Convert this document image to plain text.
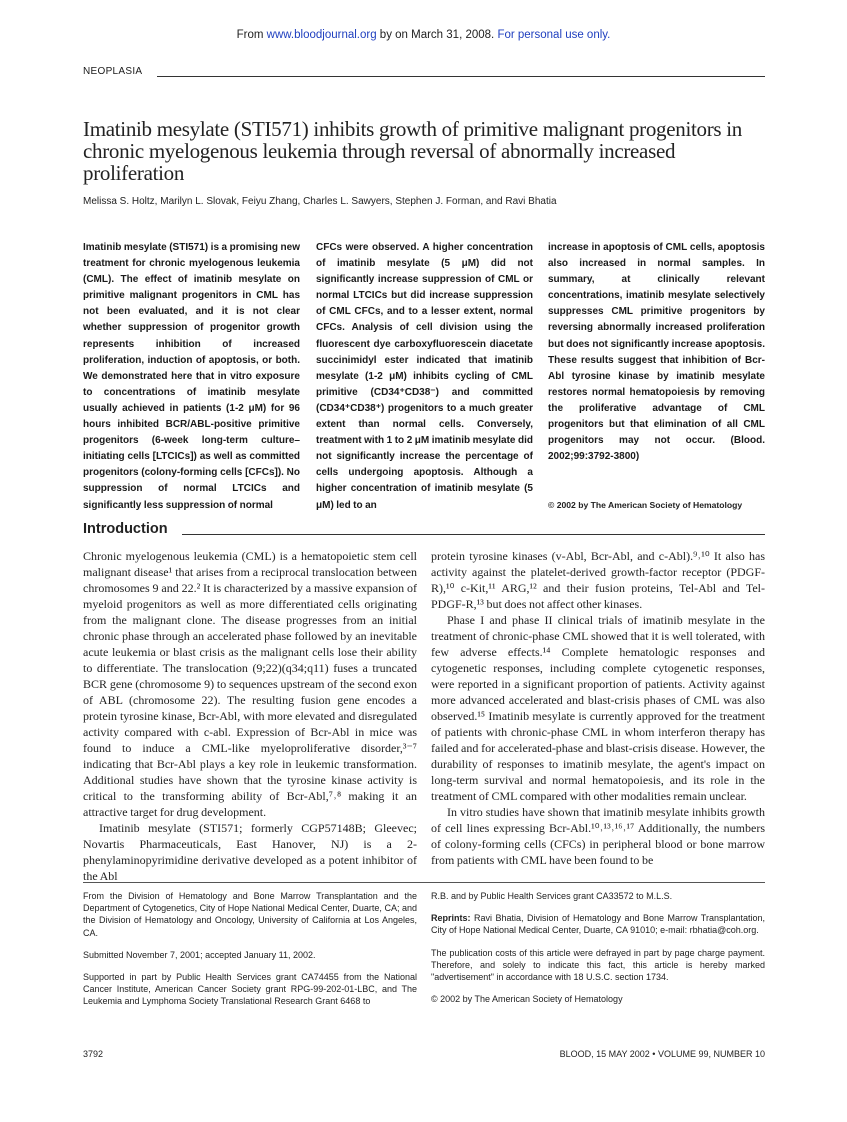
From www.bloodjournal.org by on March 31, 2008. For personal use only.
NEOPLASIA
Imatinib mesylate (STI571) inhibits growth of primitive malignant progenitors in chronic myelogenous leukemia through reversal of abnormally increased proliferation
Melissa S. Holtz, Marilyn L. Slovak, Feiyu Zhang, Charles L. Sawyers, Stephen J. Forman, and Ravi Bhatia
Imatinib mesylate (STI571) is a promising new treatment for chronic myelogenous leukemia (CML). The effect of imatinib mesylate on primitive malignant progenitors in CML has not been evaluated, and it is not clear whether suppression of progenitor growth represents inhibition of increased proliferation, induction of apoptosis, or both. We demonstrated here that in vitro exposure to concentrations of imatinib mesylate usually achieved in patients (1-2 μM) for 96 hours inhibited BCR/ABL-positive primitive progenitors (6-week long-term culture–initiating cells [LTCICs]) as well as committed progenitors (colony-forming cells [CFCs]). No suppression of normal LTCICs and significantly less suppression of normal
CFCs were observed. A higher concentration of imatinib mesylate (5 μM) did not significantly increase suppression of CML or normal LTCICs but did increase suppression of CML CFCs, and to a lesser extent, normal CFCs. Analysis of cell division using the fluorescent dye carboxyfluorescein diacetate succinimidyl ester indicated that imatinib mesylate (1-2 μM) inhibits cycling of CML primitive (CD34⁺CD38⁻) and committed (CD34⁺CD38⁺) progenitors to a much greater extent than normal cells. Conversely, treatment with 1 to 2 μM imatinib mesylate did not significantly increase the percentage of cells undergoing apoptosis. Although a higher concentration of imatinib mesylate (5 μM) led to an
increase in apoptosis of CML cells, apoptosis also increased in normal samples. In summary, at clinically relevant concentrations, imatinib mesylate selectively suppresses CML primitive progenitors by reversing abnormally increased proliferation but does not significantly increase apoptosis. These results suggest that inhibition of Bcr-Abl tyrosine kinase by imatinib mesylate restores normal hematopoiesis by removing the proliferative advantage of CML progenitors but that elimination of all CML progenitors may not occur. (Blood. 2002;99:3792-3800)
© 2002 by The American Society of Hematology
Introduction

Chronic myelogenous leukemia (CML) is a hematopoietic stem cell malignant disease¹ that arises from a reciprocal translocation between chromosomes 9 and 22.² It is characterized by a massive expansion of myeloid progenitors as well as more differentiated cells originating from the malignant clone. The disease progresses from an initial chronic phase through an accelerated phase followed by an inevitable acute leukemia or blast crisis as the malignant cells lose their ability to differentiate. The translocation (9;22)(q34;q11) fuses a truncated BCR gene (chromosome 9) to sequences upstream of the second exon of ABL (chromosome 22). The resulting fusion gene encodes a protein tyrosine kinase, Bcr-Abl, with more elevated and disregulated activity compared with c-abl. Expression of Bcr-Abl in mice was found to induce a CML-like myeloproliferative disorder,³⁻⁷ indicating that Bcr-Abl plays a key role in leukemic transformation. Additional studies have shown that the tyrosine kinase activity is critical to the transforming ability of Bcr-Abl,⁷˒⁸ making it an attractive target for drug development.

Imatinib mesylate (STI571; formerly CGP57148B; Gleevec; Novartis Pharmaceuticals, East Hanover, NJ) is a 2-phenylaminopyrimidine derivative developed as a potent inhibitor of the Abl

protein tyrosine kinases (v-Abl, Bcr-Abl, and c-Abl).⁹˒¹⁰ It also has activity against the platelet-derived growth-factor receptor (PDGF-R),¹⁰ c-Kit,¹¹ ARG,¹² and their fusion proteins, Tel-Abl and Tel-PDGF-R,¹³ but does not affect other kinases.

Phase I and phase II clinical trials of imatinib mesylate in the treatment of chronic-phase CML showed that it is well tolerated, with few adverse effects.¹⁴ Complete hematologic responses and cytogenetic responses, including complete cytogenetic responses, were reported in a significant proportion of patients. Activity against more advanced accelerated and blast-crisis phases of CML was also observed.¹⁵ Imatinib mesylate is currently approved for the treatment of patients with chronic-phase CML in whom interferon therapy has failed and for accelerated-phase and blast-crisis disease. However, the durability of responses to imatinib mesylate, the agent's impact on long-term survival and normal hematopoiesis, and its role in the treatment of CML compared with other modalities remain unclear.

In vitro studies have shown that imatinib mesylate inhibits growth of cell lines expressing Bcr-Abl.¹⁰˒¹³˒¹⁶˒¹⁷ Additionally, the numbers of colony-forming cells (CFCs) in peripheral blood or bone marrow from patients with CML have been found to be

From the Division of Hematology and Bone Marrow Transplantation and the Department of Cytogenetics, City of Hope National Medical Center, Duarte, CA; and the Division of Hematology and Oncology, University of California at Los Angeles, CA.

Submitted November 7, 2001; accepted January 11, 2002.

Supported in part by Public Health Services grant CA74455 from the National Cancer Institute, American Cancer Society grant RPG-99-202-01-LBC, and The Leukemia and Lymphoma Society Translational Research Grant 6468 to

R.B. and by Public Health Services grant CA33572 to M.L.S.

Reprints: Ravi Bhatia, Division of Hematology and Bone Marrow Transplantation, City of Hope National Medical Center, Duarte, CA 91010; e-mail: rbhatia@coh.org.

The publication costs of this article were defrayed in part by page charge payment. Therefore, and solely to indicate this fact, this article is hereby marked "advertisement" in accordance with 18 U.S.C. section 1734.

© 2002 by The American Society of Hematology

3792	BLOOD, 15 MAY 2002 • VOLUME 99, NUMBER 10
